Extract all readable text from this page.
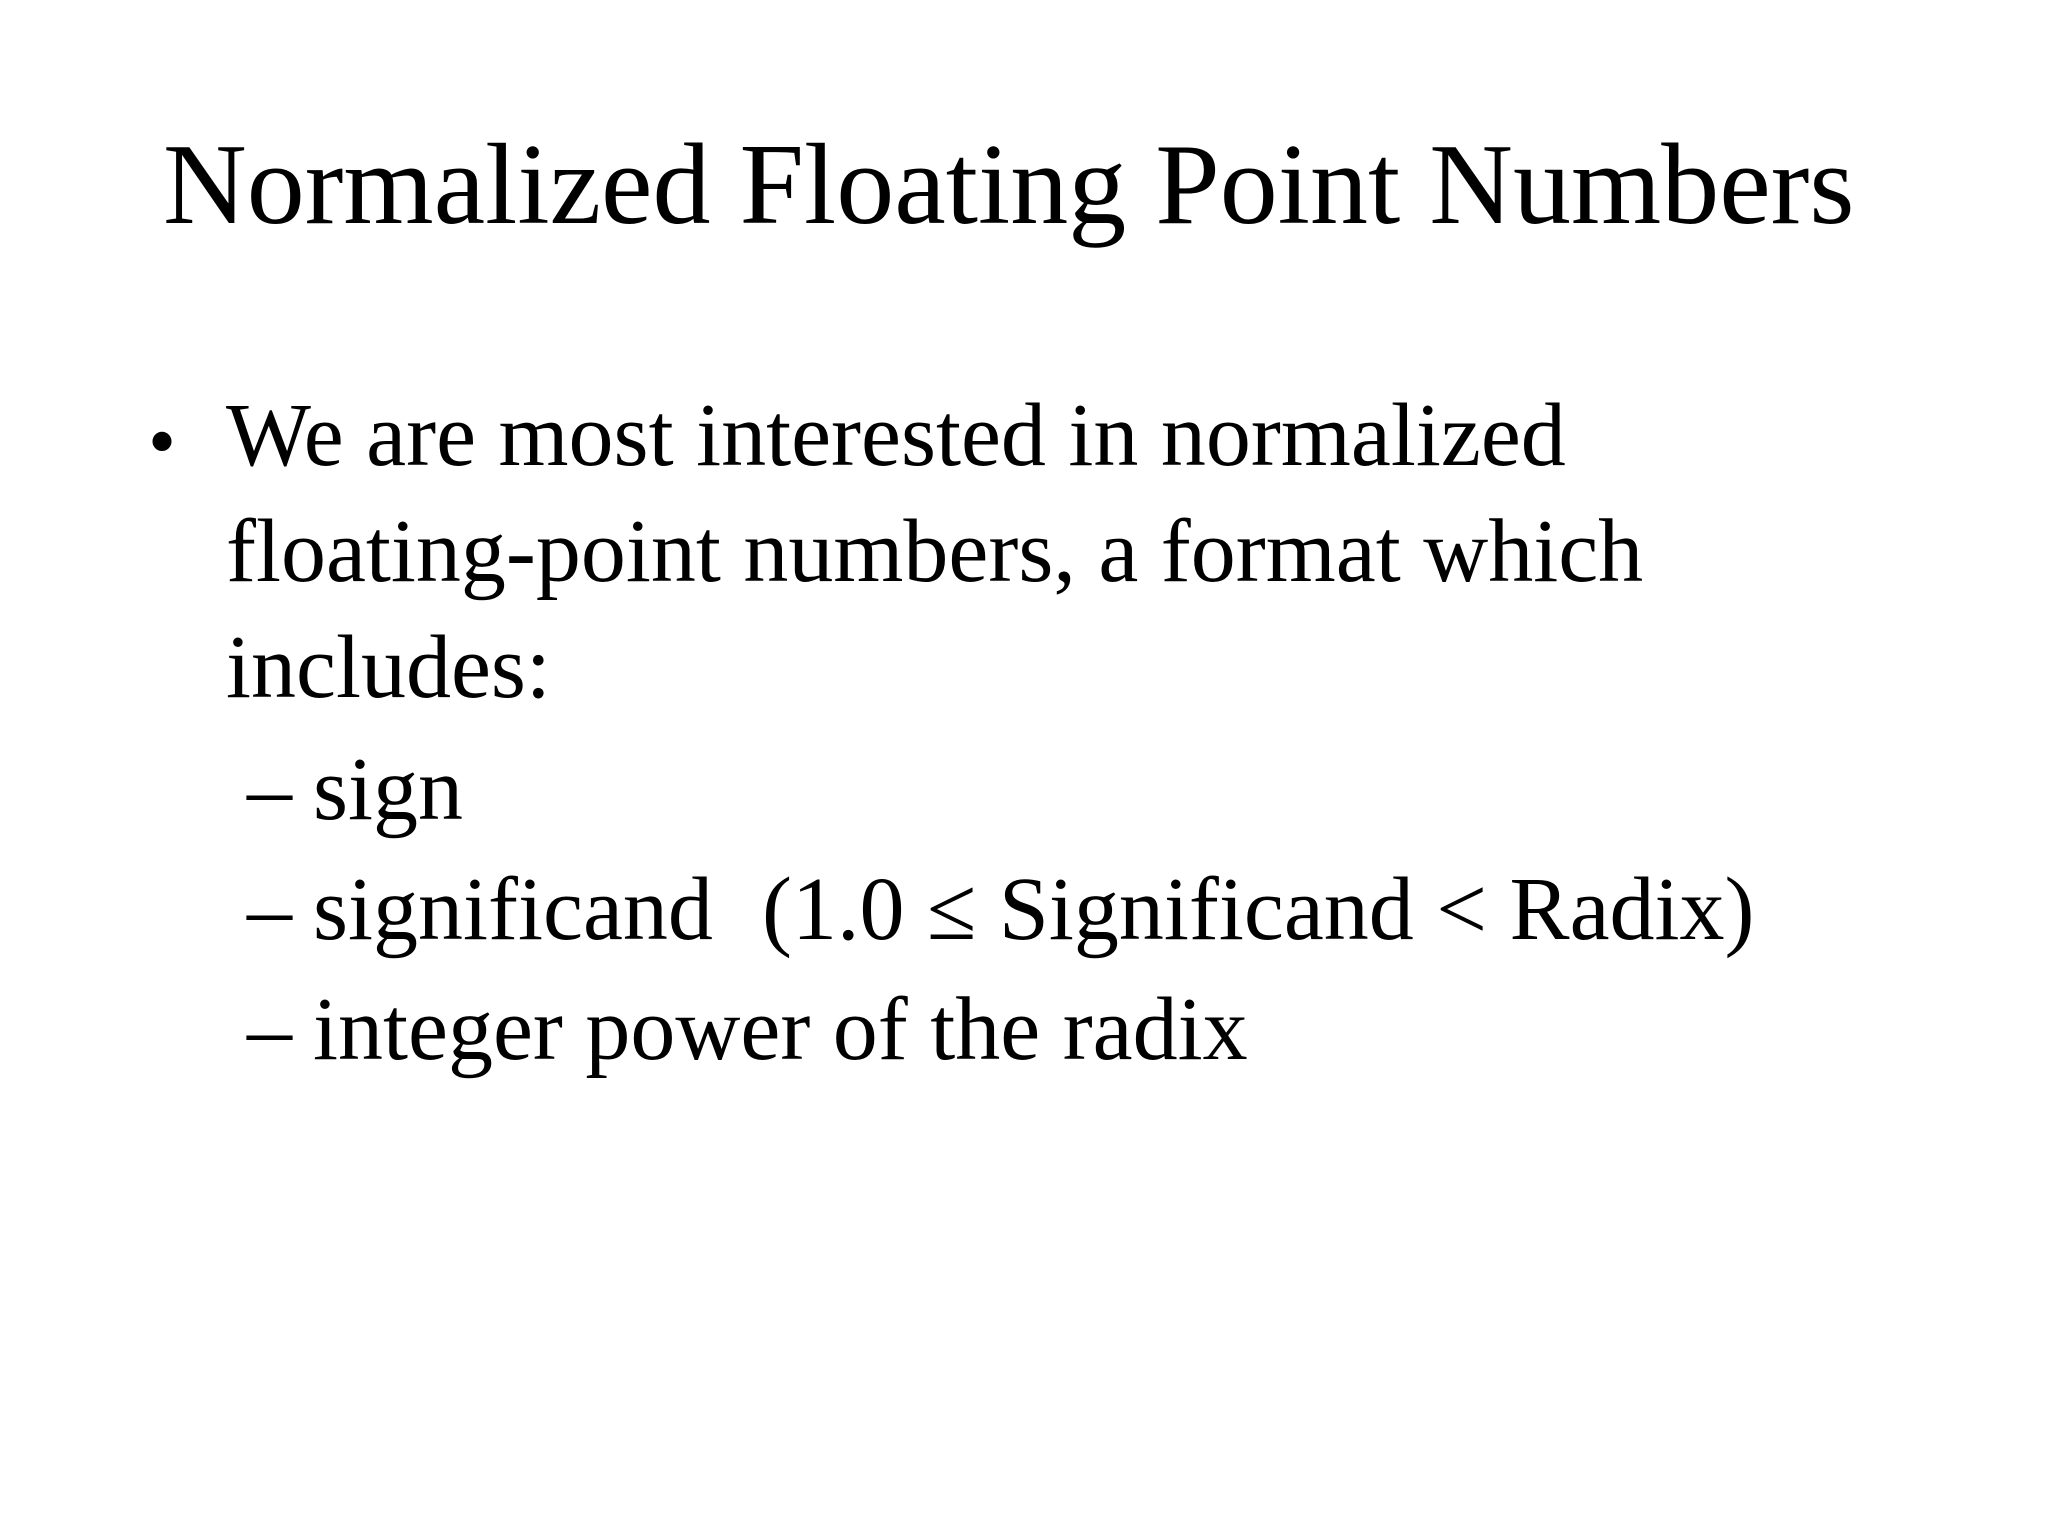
Normalized Floating Point Numbers
• We are most interested in normalized
floating-point numbers, a format which
includes:
– sign
– significand (1.0 ≤ Significand < Radix)
– integer power of the radix
